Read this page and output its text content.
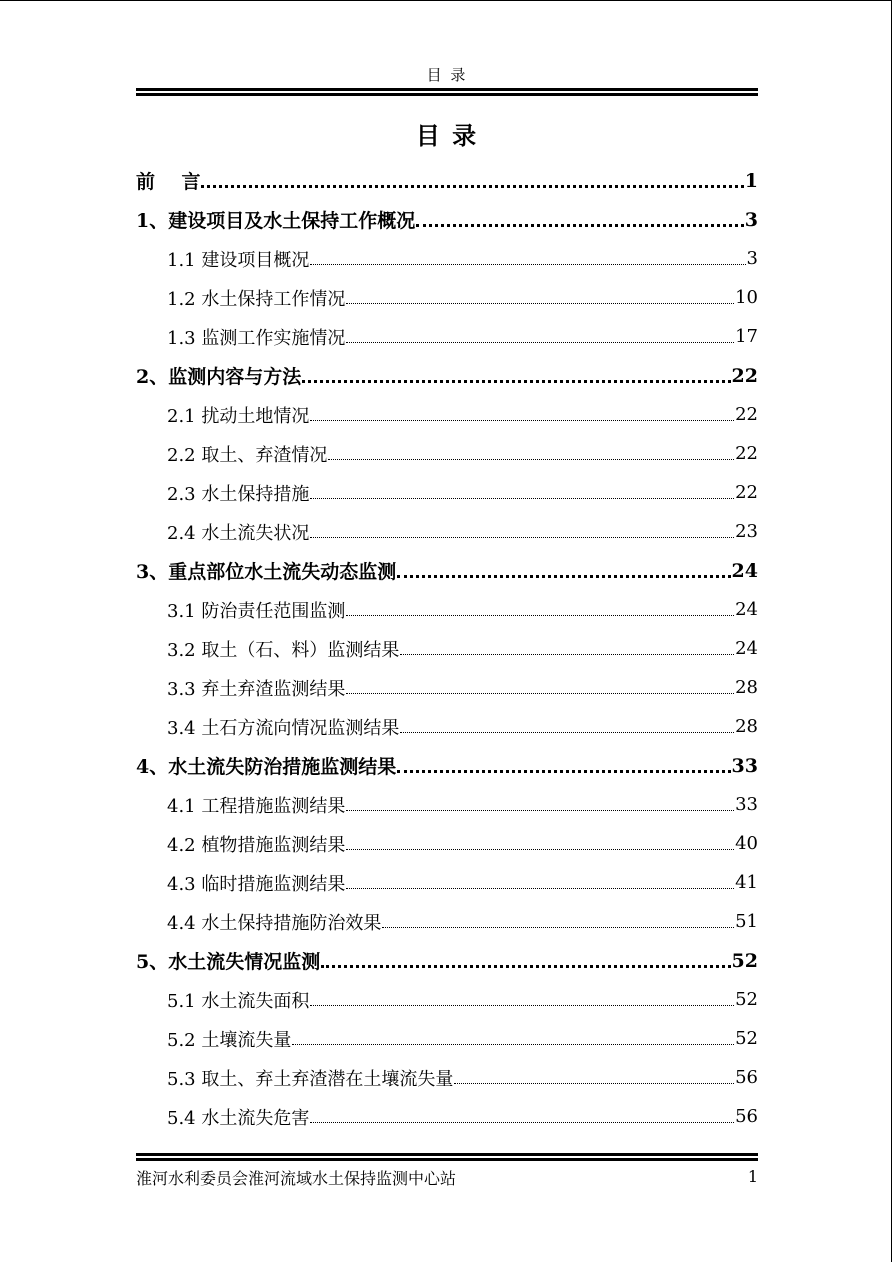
目 录
目 录
前    言	1
1、建设项目及水土保持工作概况	3
1.1 建设项目概况	3
1.2 水土保持工作情况	10
1.3 监测工作实施情况	17
2、监测内容与方法	22
2.1 扰动土地情况	22
2.2 取土、弃渣情况	22
2.3 水土保持措施	22
2.4 水土流失状况	23
3、重点部位水土流失动态监测	24
3.1 防治责任范围监测	24
3.2 取土（石、料）监测结果	24
3.3 弃土弃渣监测结果	28
3.4 土石方流向情况监测结果	28
4、水土流失防治措施监测结果	33
4.1 工程措施监测结果	33
4.2 植物措施监测结果	40
4.3 临时措施监测结果	41
4.4 水土保持措施防治效果	51
5、水土流失情况监测	52
5.1 水土流失面积	52
5.2 土壤流失量	52
5.3 取土、弃土弃渣潜在土壤流失量	56
5.4 水土流失危害	56
淮河水利委员会淮河流域水土保持监测中心站	1
